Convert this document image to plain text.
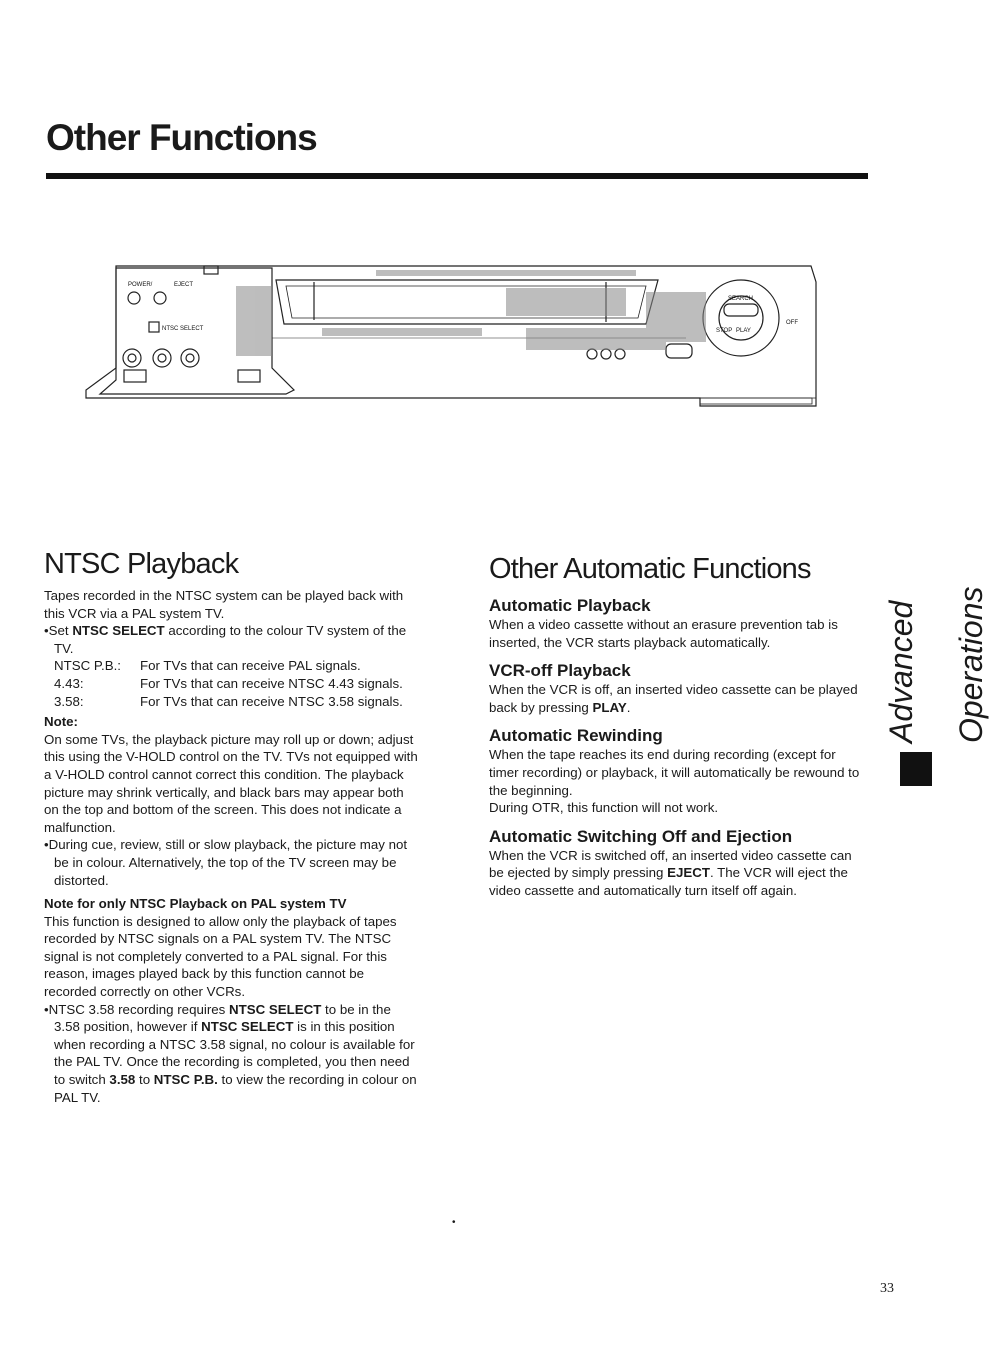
Other Functions
POWER/	EJECT
NTSC SELECT
SEARCH
STOP PLAY
OFF
NTSC Playback

Tapes recorded in the NTSC system can be played back with this VCR via a PAL system TV.

• Set NTSC SELECT according to the colour TV system of the TV.

NTSC P.B.:	For TVs that can receive PAL signals.
4.43:	For TVs that can receive NTSC 4.43 signals.
3.58:	For TVs that can receive NTSC 3.58 signals.

Note:

On some TVs, the playback picture may roll up or down; adjust this using the V-HOLD control on the TV. TVs not equipped with a V-HOLD control cannot correct this condition. The playback picture may shrink vertically, and black bars may appear both on the top and bottom of the screen. This does not indicate a malfunction.

• During cue, review, still or slow playback, the picture may not be in colour. Alternatively, the top of the TV screen may be distorted.

Note for only NTSC Playback on PAL system TV

This function is designed to allow only the playback of tapes recorded by NTSC signals on a PAL system TV. The NTSC signal is not completely converted to a PAL signal. For this reason, images played back by this function cannot be recorded correctly on other VCRs.

• NTSC 3.58 recording requires NTSC SELECT to be in the 3.58 position, however if NTSC SELECT is in this position when recording a NTSC 3.58 signal, no colour is available for the PAL TV. Once the recording is completed, you then need to switch 3.58 to NTSC P.B. to view the recording in colour on PAL TV.

Other Automatic Functions
Automatic Playback

When a video cassette without an erasure prevention tab is inserted, the VCR starts playback automatically.

VCR-off Playback

When the VCR is off, an inserted video cassette can be played back by pressing PLAY.

Automatic Rewinding

When the tape reaches its end during recording (except for timer recording) or playback, it will automatically be rewound to the beginning.

During OTR, this function will not work.

Automatic Switching Off and Ejection

When the VCR is switched off, an inserted video cassette can be ejected by simply pressing EJECT. The VCR will eject the video cassette and automatically turn itself off again.

Advanced Operations
•
33
